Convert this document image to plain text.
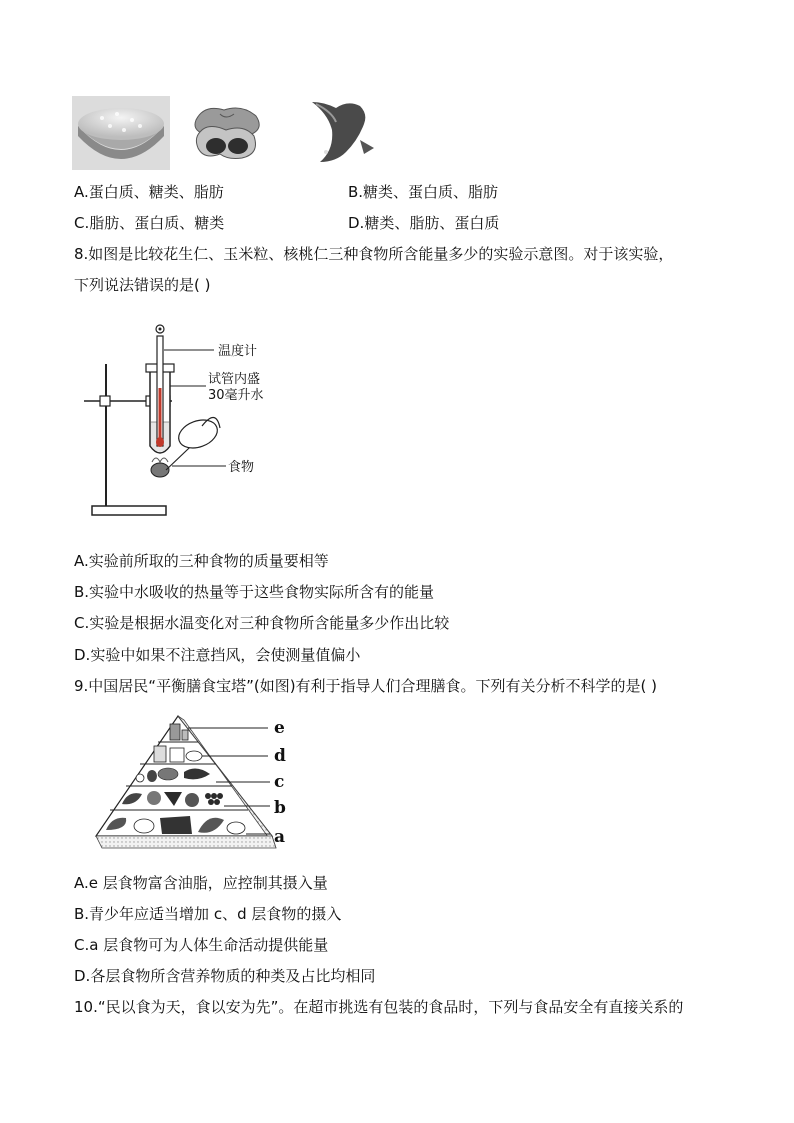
A.蛋白质、糖类、脂肪	B.糖类、蛋白质、脂肪
C.脂肪、蛋白质、糖类	D.糖类、脂肪、蛋白质
8.如图是比较花生仁、玉米粒、核桃仁三种食物所含能量多少的实验示意图。对于该实验，
下列说法错误的是( )
温度计
试管内盛
30毫升水
食物
A.实验前所取的三种食物的质量要相等
B.实验中水吸收的热量等于这些食物实际所含有的能量
C.实验是根据水温变化对三种食物所含能量多少作出比较
D.实验中如果不注意挡风，会使测量值偏小
9.中国居民“平衡膳食宝塔”(如图)有利于指导人们合理膳食。下列有关分析不科学的是( )
e
d
c
b
a
A.e 层食物富含油脂，应控制其摄入量
B.青少年应适当增加 c、d 层食物的摄入
C.a 层食物可为人体生命活动提供能量
D.各层食物所含营养物质的种类及占比均相同
10.“民以食为天，食以安为先”。在超市挑选有包装的食品时，下列与食品安全有直接关系的
